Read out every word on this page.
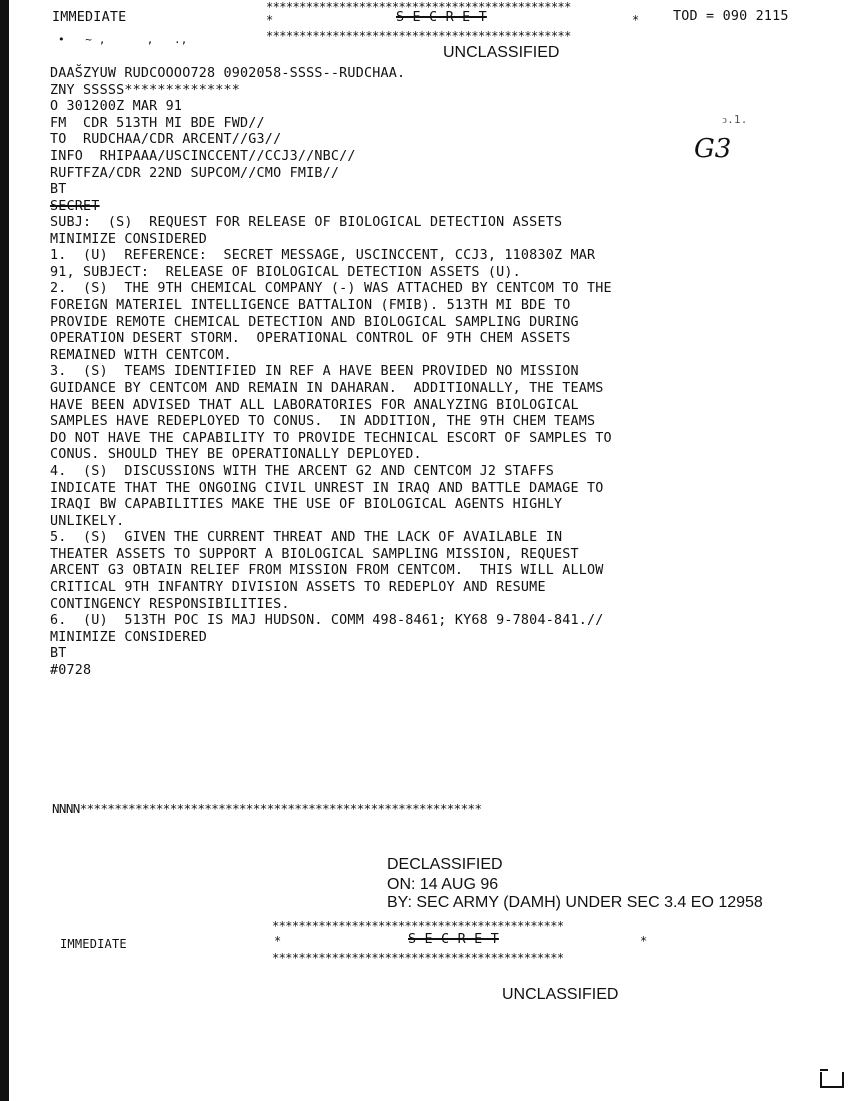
IMMEDIATE
**********************************************
*	S E C R E T	*	TOD = 090 2115
•   ~ ,      ,   .,	**********************************************
UNCLASSIFIED
G3
ↄ.1.
DAAS̆ZYUW RUDCOOOO728 0902058-SSSS--RUDCHAA.
ZNY SSSSS**************
O 301200Z MAR 91
FM  CDR 513TH MI BDE FWD//
TO  RUDCHAA/CDR ARCENT//G3//
INFO  RHIPAAA/USCINCCENT//CCJ3//NBC//
RUFTFZA/CDR 22ND SUPCOM//CMO FMIB//
BT
SECRET
SUBJ:  (S)  REQUEST FOR RELEASE OF BIOLOGICAL DETECTION ASSETS
MINIMIZE CONSIDERED
1.  (U)  REFERENCE:  SECRET MESSAGE, USCINCCENT, CCJ3, 110830Z MAR
91, SUBJECT:  RELEASE OF BIOLOGICAL DETECTION ASSETS (U).
2.  (S)  THE 9TH CHEMICAL COMPANY (-) WAS ATTACHED BY CENTCOM TO THE
FOREIGN MATERIEL INTELLIGENCE BATTALION (FMIB). 513TH MI BDE TO
PROVIDE REMOTE CHEMICAL DETECTION AND BIOLOGICAL SAMPLING DURING
OPERATION DESERT STORM.  OPERATIONAL CONTROL OF 9TH CHEM ASSETS
REMAINED WITH CENTCOM.
3.  (S)  TEAMS IDENTIFIED IN REF A HAVE BEEN PROVIDED NO MISSION
GUIDANCE BY CENTCOM AND REMAIN IN DAHARAN.  ADDITIONALLY, THE TEAMS
HAVE BEEN ADVISED THAT ALL LABORATORIES FOR ANALYZING BIOLOGICAL
SAMPLES HAVE REDEPLOYED TO CONUS.  IN ADDITION, THE 9TH CHEM TEAMS
DO NOT HAVE THE CAPABILITY TO PROVIDE TECHNICAL ESCORT OF SAMPLES TO
CONUS. SHOULD THEY BE OPERATIONALLY DEPLOYED.
4.  (S)  DISCUSSIONS WITH THE ARCENT G2 AND CENTCOM J2 STAFFS
INDICATE THAT THE ONGOING CIVIL UNREST IN IRAQ AND BATTLE DAMAGE TO
IRAQI BW CAPABILITIES MAKE THE USE OF BIOLOGICAL AGENTS HIGHLY
UNLIKELY.
5.  (S)  GIVEN THE CURRENT THREAT AND THE LACK OF AVAILABLE IN
THEATER ASSETS TO SUPPORT A BIOLOGICAL SAMPLING MISSION, REQUEST
ARCENT G3 OBTAIN RELIEF FROM MISSION FROM CENTCOM.  THIS WILL ALLOW
CRITICAL 9TH INFANTRY DIVISION ASSETS TO REDEPLOY AND RESUME
CONTINGENCY RESPONSIBILITIES.
6.  (U)  513TH POC IS MAJ HUDSON. COMM 498-8461; KY68 9-7804-841.//
MINIMIZE CONSIDERED
BT
#0728
NNNN**********************************************************
DECLASSIFIED
ON: 14 AUG 96
BY: SEC ARMY (DAMH) UNDER SEC 3.4 EO 12958
********************************************
IMMEDIATE	*	S E C R E T	*
********************************************
UNCLASSIFIED
